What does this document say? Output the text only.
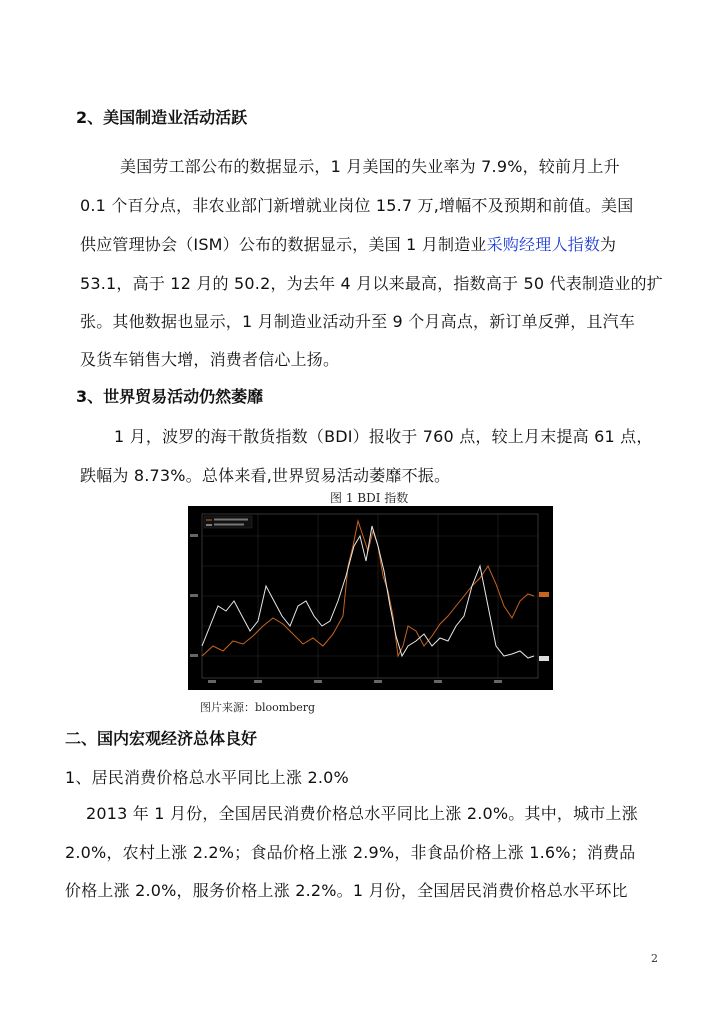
2、美国制造业活动活跃
美国劳工部公布的数据显示，1 月美国的失业率为 7.9%，较前月上升
0.1 个百分点，非农业部门新增就业岗位 15.7 万,增幅不及预期和前值。美国
供应管理协会（ISM）公布的数据显示，美国 1 月制造业采购经理人指数为
53.1，高于 12 月的 50.2，为去年 4 月以来最高，指数高于 50 代表制造业的扩
张。其他数据也显示，1 月制造业活动升至 9 个月高点，新订单反弹，且汽车
及货车销售大增，消费者信心上扬。
3、世界贸易活动仍然萎靡
1 月，波罗的海干散货指数（BDI）报收于 760 点，较上月末提高 61 点，
跌幅为 8.73%。总体来看,世界贸易活动萎靡不振。
图 1 BDI 指数
图片来源：bloomberg
二、国内宏观经济总体良好
1、居民消费价格总水平同比上涨 2.0%
2013 年 1 月份，全国居民消费价格总水平同比上涨 2.0%。其中，城市上涨
2.0%，农村上涨 2.2%；食品价格上涨 2.9%，非食品价格上涨 1.6%；消费品
价格上涨 2.0%，服务价格上涨 2.2%。1 月份，全国居民消费价格总水平环比
2
